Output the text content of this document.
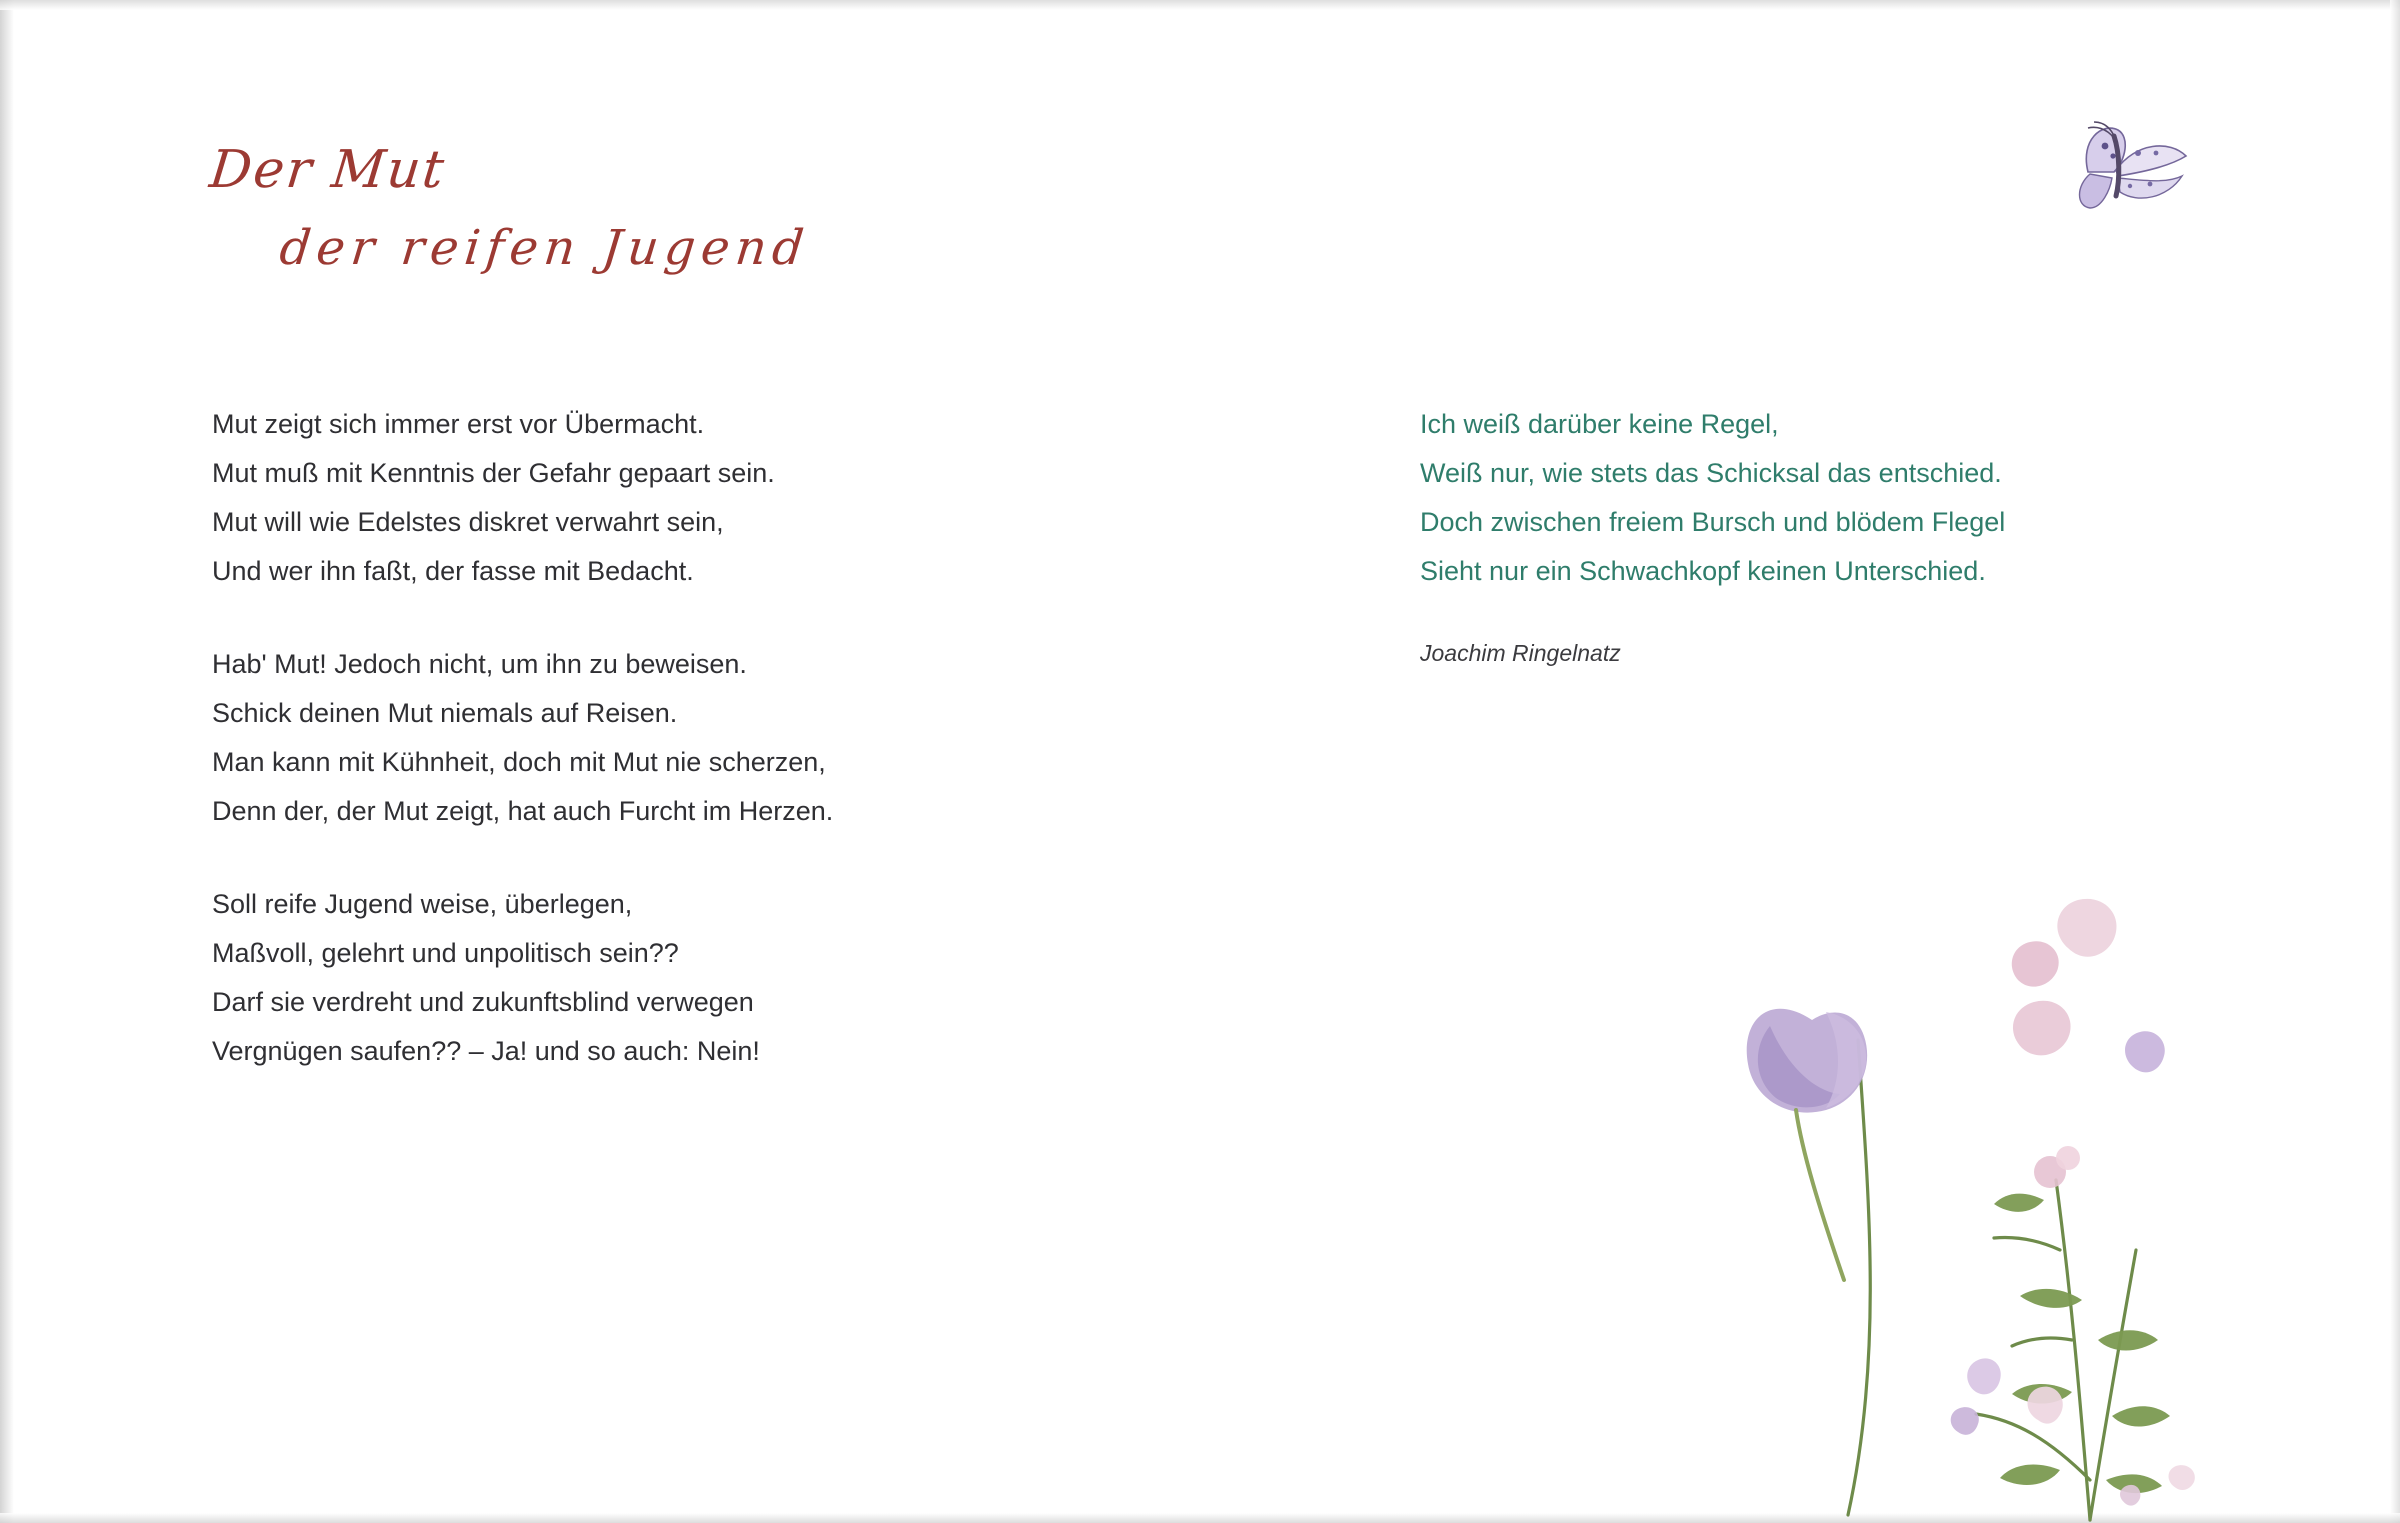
Der Mut
der reifen Jugend
Mut zeigt sich immer erst vor Übermacht.
Mut muß mit Kenntnis der Gefahr gepaart sein.
Mut will wie Edelstes diskret verwahrt sein,
Und wer ihn faßt, der fasse mit Bedacht.
Hab' Mut! Jedoch nicht, um ihn zu beweisen.
Schick deinen Mut niemals auf Reisen.
Man kann mit Kühnheit, doch mit Mut nie scherzen,
Denn der, der Mut zeigt, hat auch Furcht im Herzen.
Soll reife Jugend weise, überlegen,
Maßvoll, gelehrt und unpolitisch sein??
Darf sie verdreht und zukunftsblind verwegen
Vergnügen saufen?? – Ja! und so auch: Nein!
Ich weiß darüber keine Regel,
Weiß nur, wie stets das Schicksal das entschied.
Doch zwischen freiem Bursch und blödem Flegel
Sieht nur ein Schwachkopf keinen Unterschied.
Joachim Ringelnatz
